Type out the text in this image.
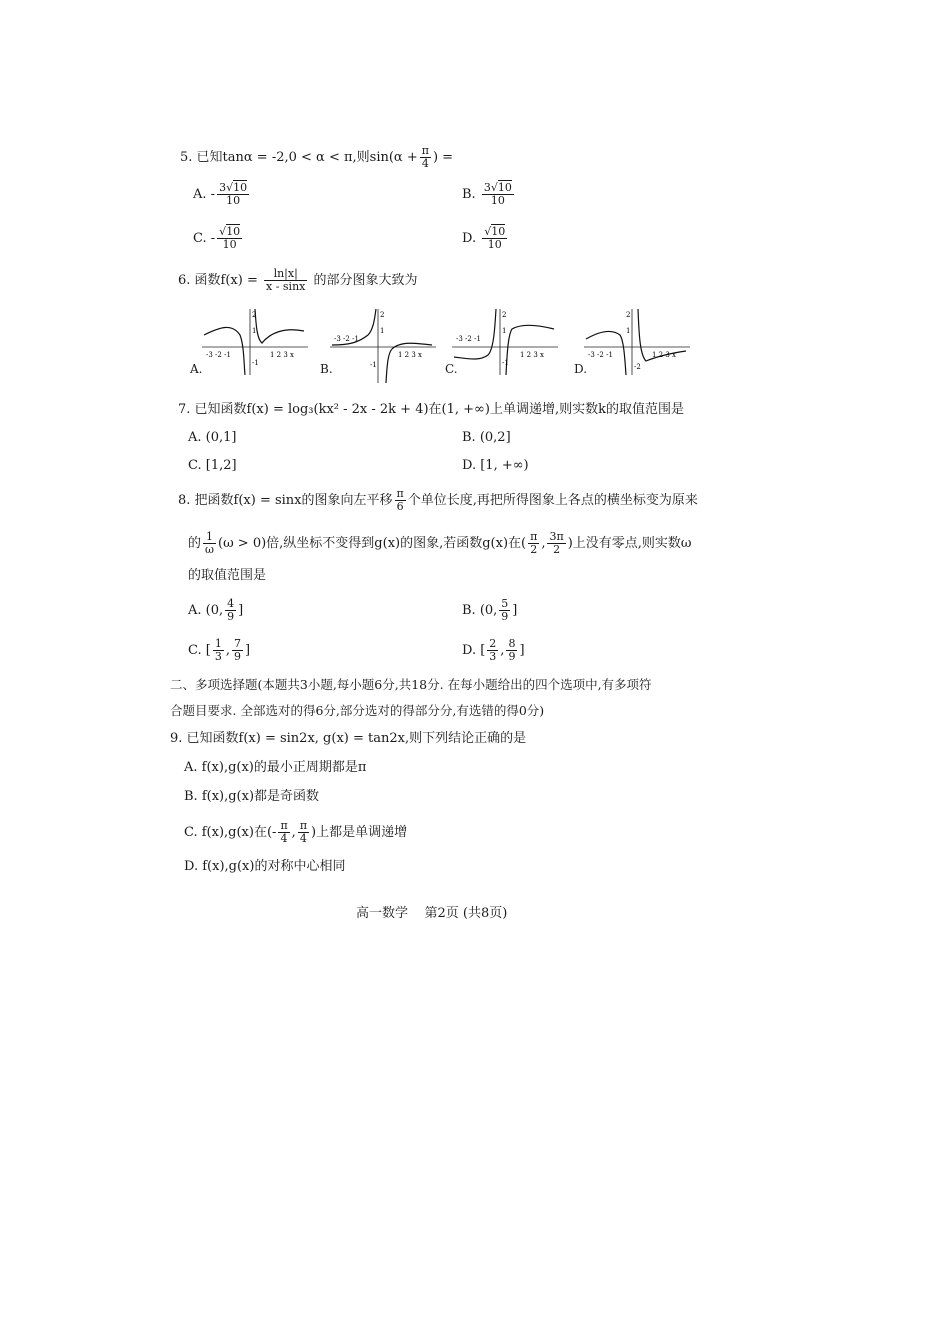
5. 已知tanα = -2,0 < α < π,则$\sin(\alpha + \frac{\pi}{4}$ ) =
A. - $\frac{3√10}{10}$	B. $\frac{3√10}{10}$
C. - $\frac{√10}{10}$	D. $\frac{√10}{10}$
6. 函数$f(x) = \frac{\ln|x|}{x - \sin x}$ 的部分图象大致为
-3 -2 -1	1 2 3 x
2
1
-1
A.
-3 -2 -1
1 2 3 x
2
1
-1
B.
-3 -2 -1
1 2 3 x
2
1
-1
C.
-3 -2 -1	1 2 3 x
2
1
-2
D.
7. 已知函数f(x) = log₃(kx² - 2x - 2k + 4)在(1, +∞)上单调递增,则实数k的取值范围是
A. (0,1]	B. (0,2]
C. [1,2]	D. [1, +∞)
8. 把函数f(x) = sinx的图象向左平移 $\frac{\pi}{6}$ 个单位长度,再把所得图象上各点的横坐标变为原来
的 $\frac{1}{\omega} (\omega > 0)$倍,纵坐标不变得到g(x)的图象,若函数g(x)在( $\frac{\pi}{2}$ , $\frac{3\pi}{2}$ )上没有零点,则实数ω
的取值范围是
A. (0, $\frac{4}{9}$ ]	B. (0, $\frac{5}{9}$ ]
C. [ $\frac{1}{3}$ , $\frac{7}{9}$ ]	D. [ $\frac{2}{3}$ , $\frac{8}{9}$ ]
二、多项选择题(本题共3小题,每小题6分,共18分. 在每小题给出的四个选项中,有多项符
合题目要求. 全部选对的得6分,部分选对的得部分分,有选错的得0分)
9. 已知函数f(x) = sin2x, g(x) = tan2x,则下列结论正确的是
A. f(x),g(x)的最小正周期都是π
B. f(x),g(x)都是奇函数
C. f(x),g(x)在(- $\frac{\pi}{4}$ , $\frac{\pi}{4}$ )上都是单调递增
D. f(x),g(x)的对称中心相同
高一数学    第2页 (共8页)
